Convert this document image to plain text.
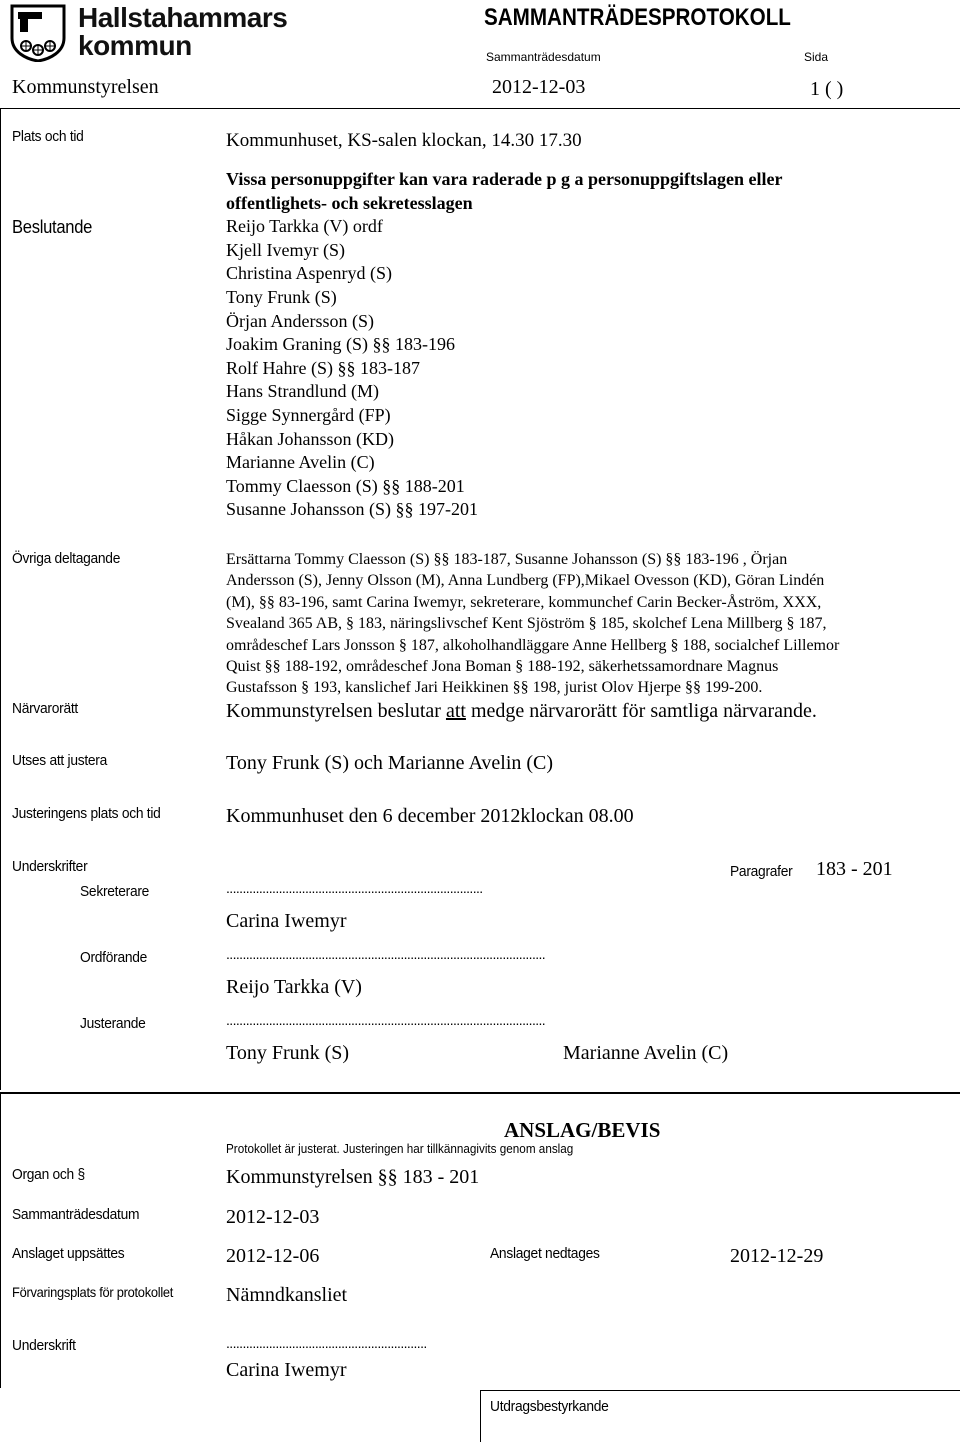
Hallstahammars
kommun
SAMMANTRÄDESPROTOKOLL
Sammanträdesdatum	Sida
Kommunstyrelsen	2012-12-03	1 ( )
Plats och tid	Kommunhuset, KS-salen klockan, 14.30 17.30
Beslutande
Vissa personuppgifter kan vara raderade p g a personuppgiftslagen eller
offentlighets- och sekretesslagen
Reijo Tarkka (V) ordf
Kjell Ivemyr (S)
Christina Aspenryd (S)
Tony Frunk (S)
Örjan Andersson (S)
Joakim Graning (S) §§ 183-196
Rolf Hahre (S) §§ 183-187
Hans Strandlund (M)
Sigge Synnergård (FP)
Håkan Johansson (KD)
Marianne Avelin (C)
Tommy Claesson (S) §§ 188-201
Susanne Johansson (S) §§ 197-201
Övriga deltagande	Ersättarna Tommy Claesson (S) §§ 183-187, Susanne Johansson (S) §§ 183-196 , Örjan
Andersson (S), Jenny Olsson (M), Anna Lundberg (FP),Mikael Ovesson (KD), Göran Lindén
(M), §§ 83-196, samt Carina Iwemyr, sekreterare, kommunchef Carin Becker-Åström, XXX,
Svealand 365 AB, § 183, näringslivschef Kent Sjöström § 185, skolchef Lena Millberg § 187,
områdeschef Lars Jonsson § 187, alkoholhandläggare Anne Hellberg § 188, socialchef Lillemor
Quist §§ 188-192, områdeschef Jona Boman § 188-192, säkerhetssamordnare Magnus
Gustafsson § 193, kanslichef Jari Heikkinen §§ 198, jurist Olov Hjerpe §§ 199-200.
Närvarorätt	Kommunstyrelsen beslutar att medge närvarorätt för samtliga närvarande.
Utses att justera	Tony Frunk (S) och Marianne Avelin (C)
Justeringens plats och tid	Kommunhuset den 6 december 2012klockan 08.00
Underskrifter	Paragrafer 183 - 201
Sekreterare	..............................................................................
Carina Iwemyr
Ordförande	.................................................................................................
Reijo Tarkka (V)
Justerande	.................................................................................................
Tony Frunk (S)	Marianne Avelin (C)
ANSLAG/BEVIS
Protokollet är justerat. Justeringen har tillkännagivits genom anslag
Organ och §	Kommunstyrelsen §§ 183 - 201
Sammanträdesdatum	2012-12-03
Anslaget uppsättes	2012-12-06	Anslaget nedtages	2012-12-29
Förvaringsplats för protokollet	Nämndkansliet
Underskrift	.............................................................
Carina Iwemyr
Utdragsbestyrkande
